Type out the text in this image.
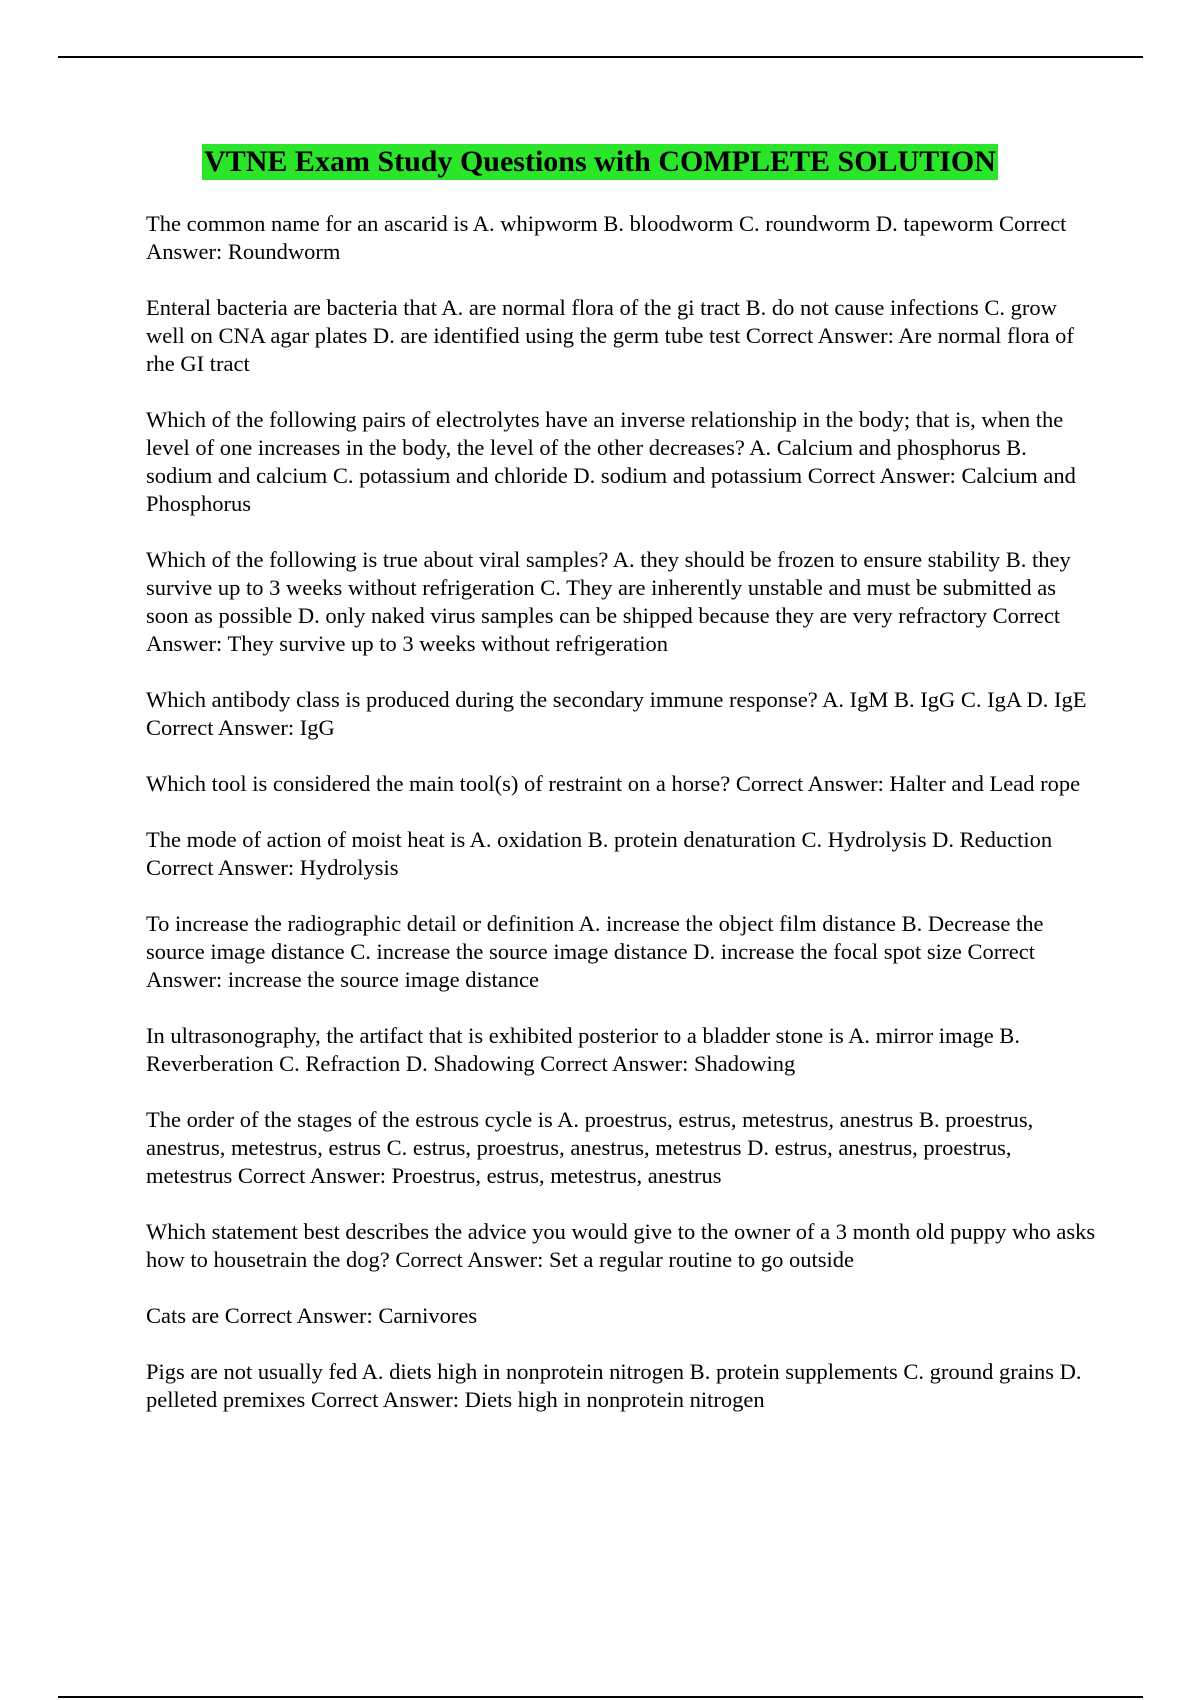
VTNE Exam Study Questions with COMPLETE SOLUTION

The common name for an ascarid is A. whipworm B. bloodworm C. roundworm D. tapeworm Correct Answer: Roundworm

Enteral bacteria are bacteria that A. are normal flora of the gi tract B. do not cause infections C. grow well on CNA agar plates D. are identified using the germ tube test Correct Answer: Are normal flora of rhe GI tract

Which of the following pairs of electrolytes have an inverse relationship in the body; that is, when the level of one increases in the body, the level of the other decreases? A. Calcium and phosphorus B. sodium and calcium C. potassium and chloride D. sodium and potassium Correct Answer: Calcium and Phosphorus

Which of the following is true about viral samples? A. they should be frozen to ensure stability B. they survive up to 3 weeks without refrigeration C. They are inherently unstable and must be submitted as soon as possible D. only naked virus samples can be shipped because they are very refractory Correct Answer: They survive up to 3 weeks without refrigeration

Which antibody class is produced during the secondary immune response? A. IgM B. IgG C. IgA D. IgE Correct Answer: IgG

Which tool is considered the main tool(s) of restraint on a horse? Correct Answer: Halter and Lead rope

The mode of action of moist heat is A. oxidation B. protein denaturation C. Hydrolysis D. Reduction Correct Answer: Hydrolysis

To increase the radiographic detail or definition A. increase the object film distance B. Decrease the source image distance C. increase the source image distance D. increase the focal spot size Correct Answer: increase the source image distance

In ultrasonography, the artifact that is exhibited posterior to a bladder stone is A. mirror image B. Reverberation C. Refraction D. Shadowing Correct Answer: Shadowing

The order of the stages of the estrous cycle is A. proestrus, estrus, metestrus, anestrus B. proestrus, anestrus, metestrus, estrus C. estrus, proestrus, anestrus, metestrus D. estrus, anestrus, proestrus, metestrus Correct Answer: Proestrus, estrus, metestrus, anestrus

Which statement best describes the advice you would give to the owner of a 3 month old puppy who asks how to housetrain the dog? Correct Answer: Set a regular routine to go outside

Cats are Correct Answer: Carnivores

Pigs are not usually fed A. diets high in nonprotein nitrogen B. protein supplements C. ground grains D. pelleted premixes Correct Answer: Diets high in nonprotein nitrogen
